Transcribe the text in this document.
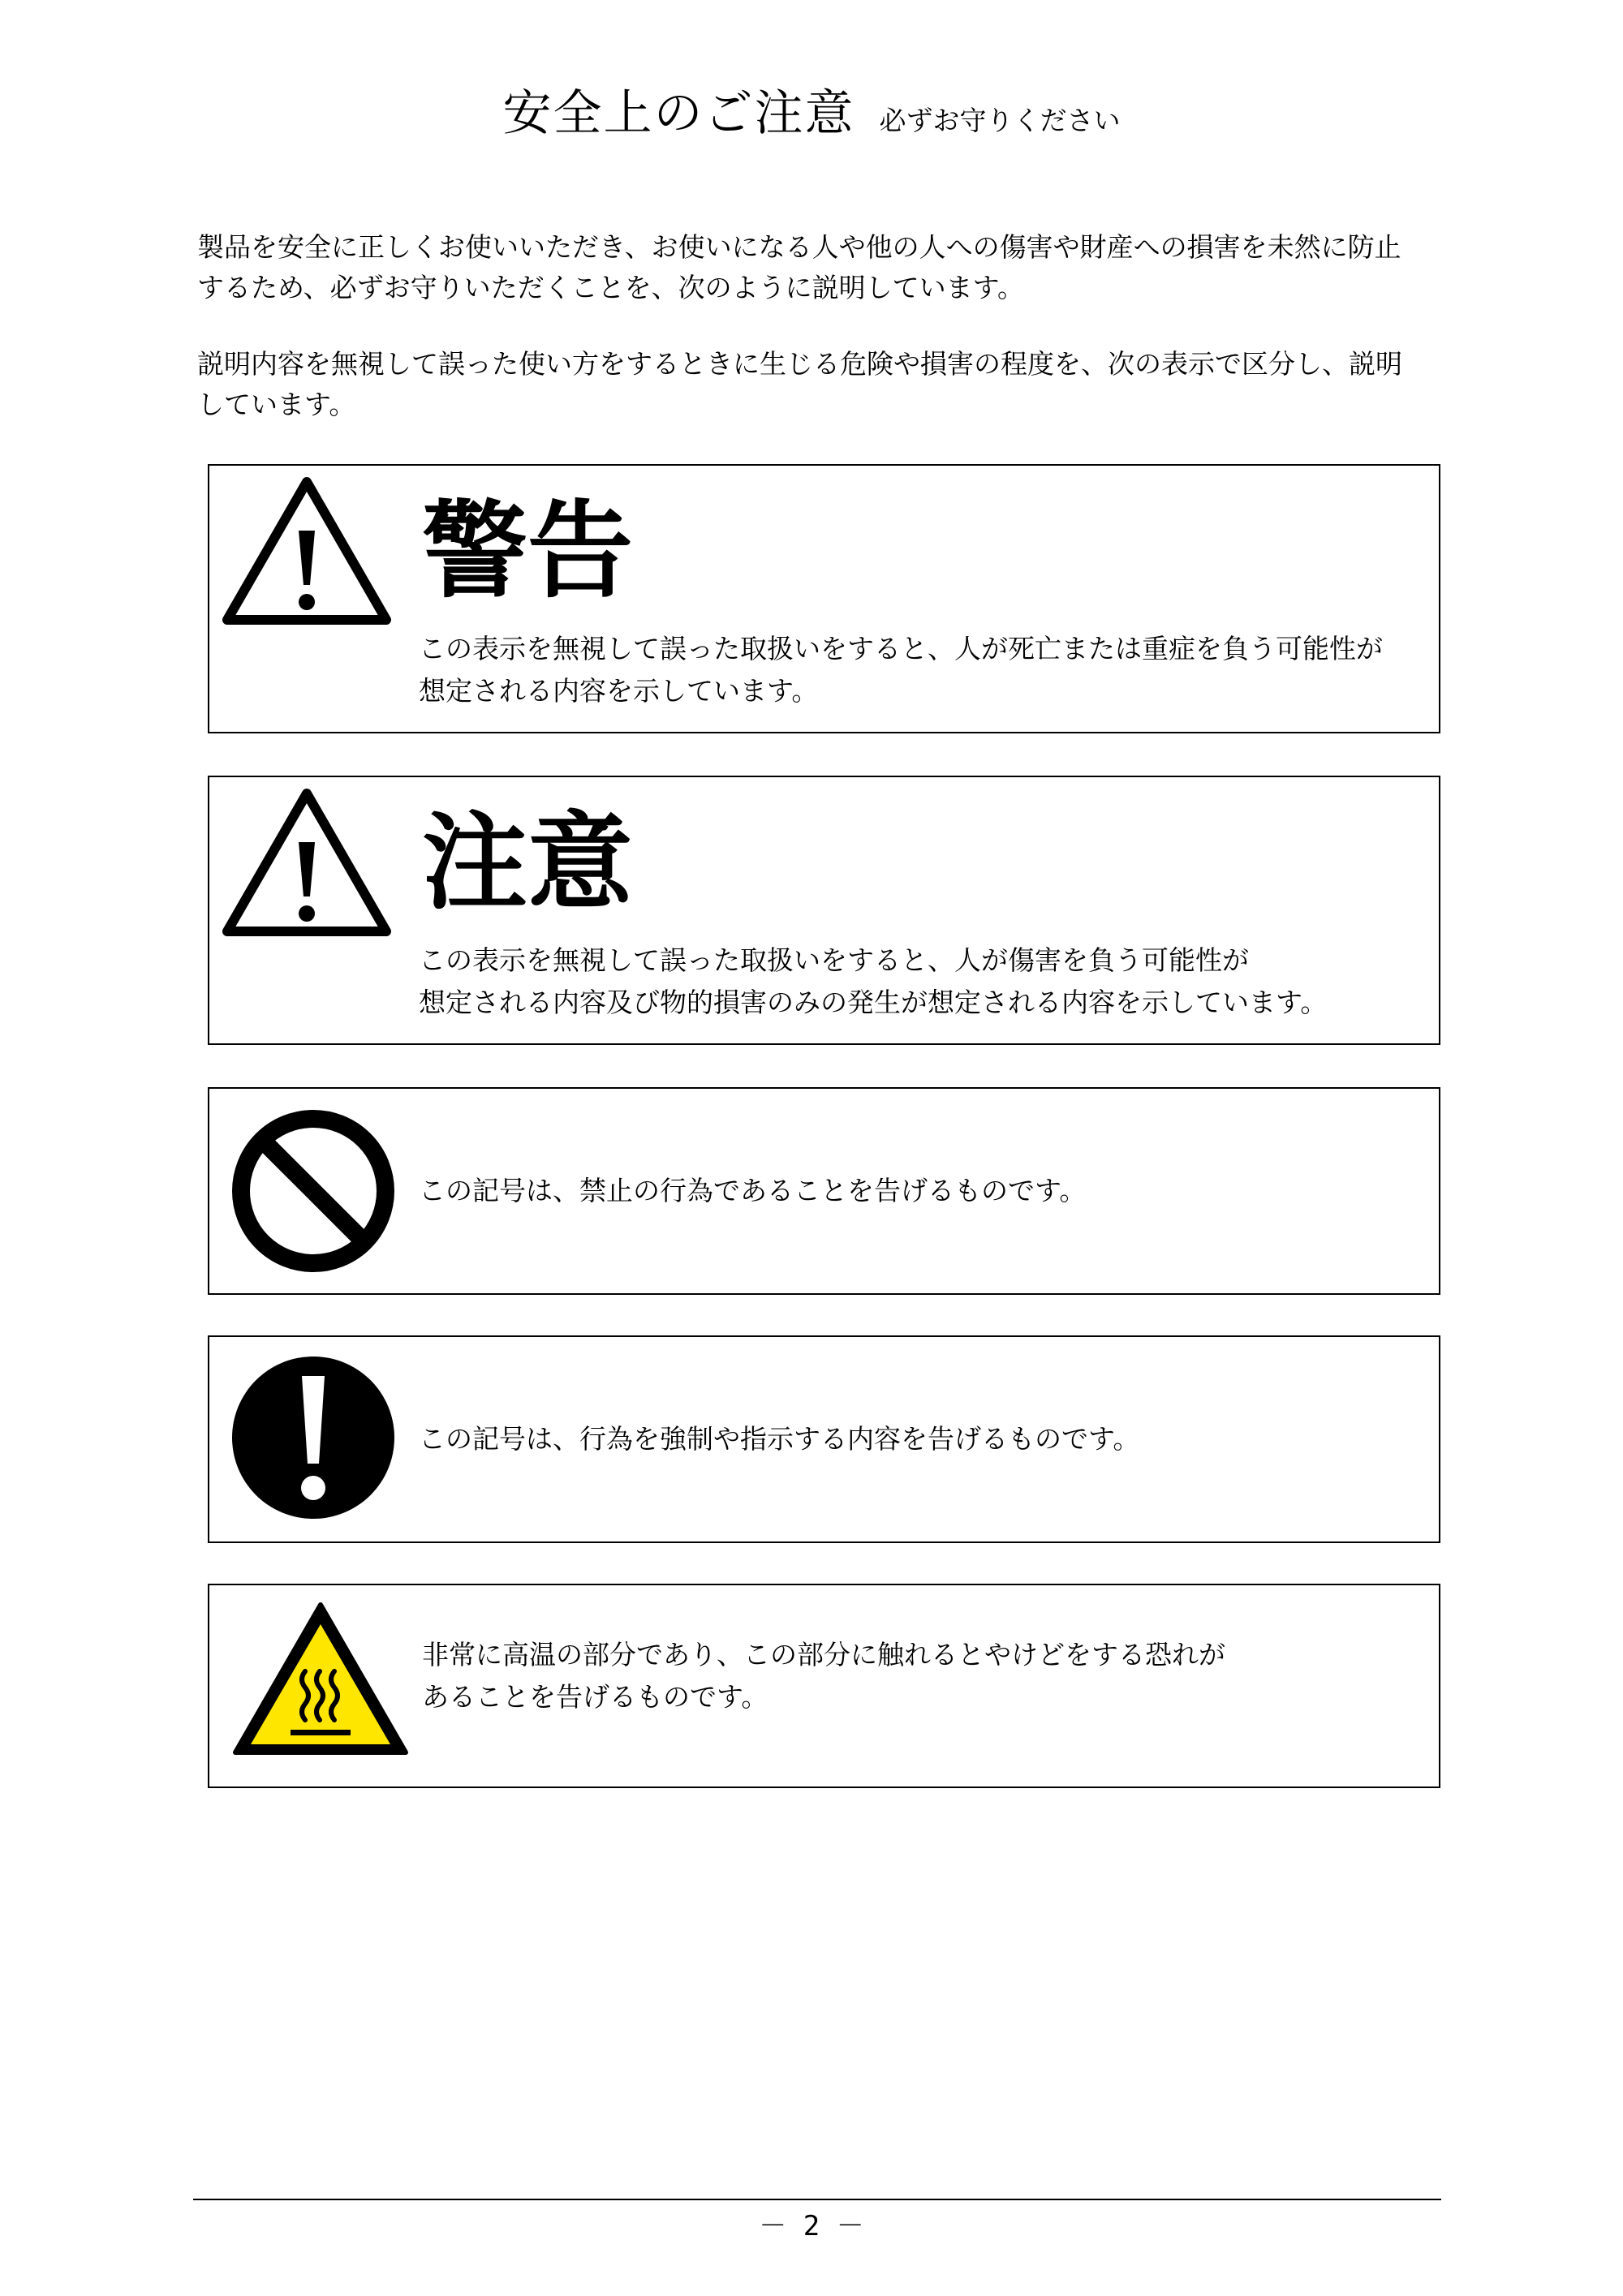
安全上のご注意 必ずお守りください

製品を安全に正しくお使いいただき、お使いになる人や他の人への傷害や財産への損害を未然に防止

するため、必ずお守りいただくことを、次のように説明しています。

説明内容を無視して誤った使い方をするときに生じる危険や損害の程度を、次の表示で区分し、説明

しています。

警告

この表示を無視して誤った取扱いをすると、人が死亡または重症を負う可能性が

想定される内容を示しています。

注意

この表示を無視して誤った取扱いをすると、人が傷害を負う可能性が

想定される内容及び物的損害のみの発生が想定される内容を示しています。

この記号は、禁止の行為であることを告げるものです。

この記号は、行為を強制や指示する内容を告げるものです。

非常に高温の部分であり、この部分に触れるとやけどをする恐れが

あることを告げるものです。

－ 2 －
